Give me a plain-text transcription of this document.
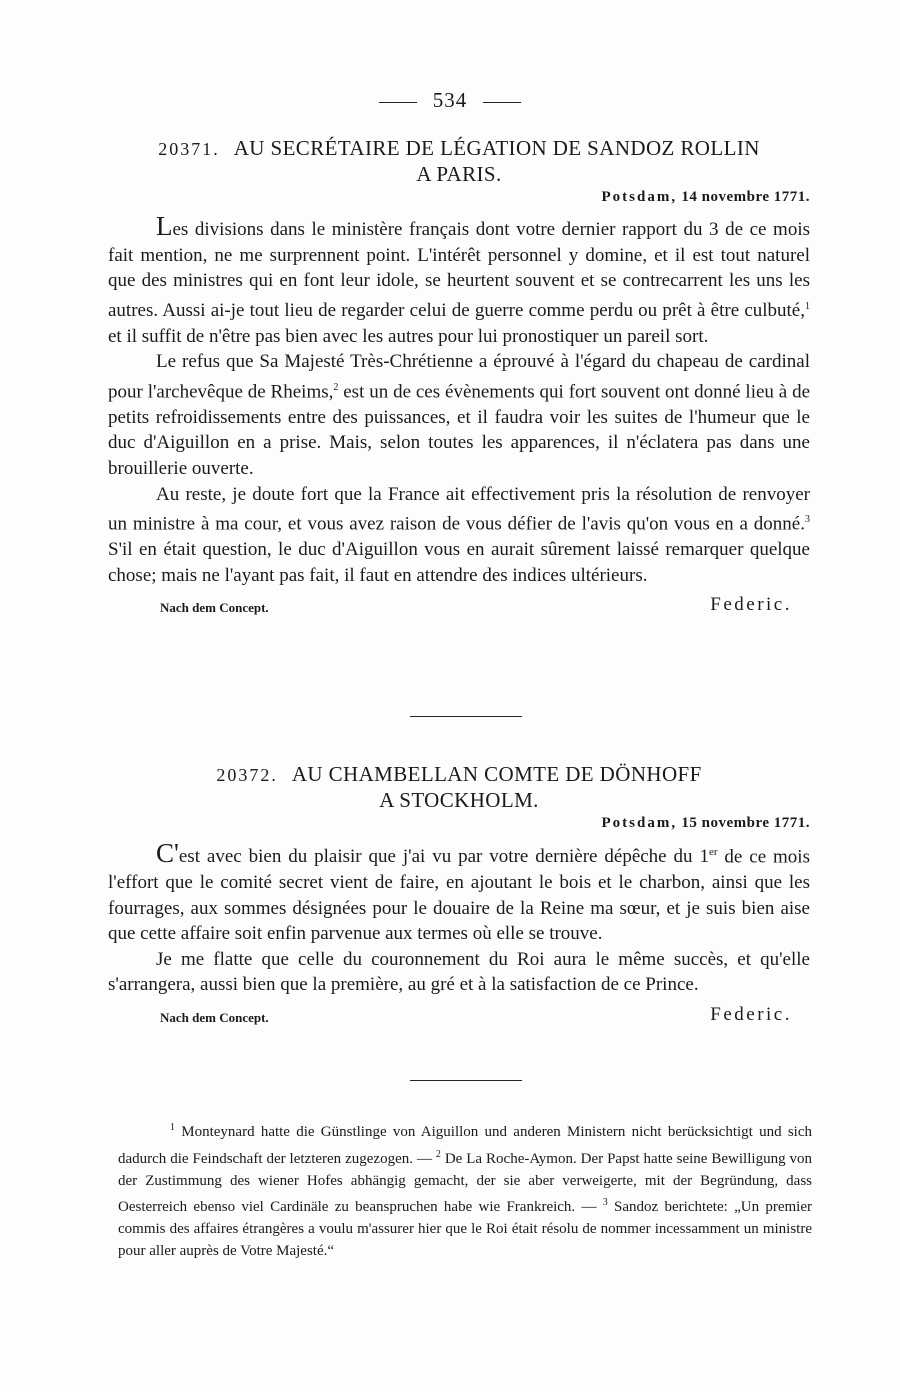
534
20371. AU SECRÉTAIRE DE LÉGATION DE SANDOZ ROLLIN
A PARIS.
Potsdam, 14 novembre 1771.

Les divisions dans le ministère français dont votre dernier rapport du 3 de ce mois fait mention, ne me surprennent point. L'intérêt personnel y domine, et il est tout naturel que des ministres qui en font leur idole, se heurtent souvent et se contrecarrent les uns les autres. Aussi ai-je tout lieu de regarder celui de guerre comme perdu ou prêt à être culbuté,$^1$ et il suffit de n'être pas bien avec les autres pour lui pronostiquer un pareil sort.

Le refus que Sa Majesté Très-Chrétienne a éprouvé à l'égard du chapeau de cardinal pour l'archevêque de Rheims,$^2$ est un de ces évènements qui fort souvent ont donné lieu à de petits refroidissements entre des puissances, et il faudra voir les suites de l'humeur que le duc d'Aiguillon en a prise. Mais, selon toutes les apparences, il n'éclatera pas dans une brouillerie ouverte.

Au reste, je doute fort que la France ait effectivement pris la résolution de renvoyer un ministre à ma cour, et vous avez raison de vous défier de l'avis qu'on vous en a donné.$^3$ S'il en était question, le duc d'Aiguillon vous en aurait sûrement laissé remarquer quelque chose; mais ne l'ayant pas fait, il faut en attendre des indices ultérieurs.

Nach dem Concept.	Federic.
20372. AU CHAMBELLAN COMTE DE DÖNHOFF
A STOCKHOLM.
Potsdam, 15 novembre 1771.

C'est avec bien du plaisir que j'ai vu par votre dernière dépêche du 1er de ce mois l'effort que le comité secret vient de faire, en ajoutant le bois et le charbon, ainsi que les fourrages, aux sommes désignées pour le douaire de la Reine ma sœur, et je suis bien aise que cette affaire soit enfin parvenue aux termes où elle se trouve.

Je me flatte que celle du couronnement du Roi aura le même succès, et qu'elle s'arrangera, aussi bien que la première, au gré et à la satisfaction de ce Prince.

Nach dem Concept.	Federic.

$^1$ Monteynard hatte die Günstlinge von Aiguillon und anderen Ministern nicht berücksichtigt und sich dadurch die Feindschaft der letzteren zugezogen. — $^2$ De La Roche-Aymon. Der Papst hatte seine Bewilligung von der Zustimmung des wiener Hofes abhängig gemacht, der sie aber verweigerte, mit der Begründung, dass Oesterreich ebenso viel Cardinäle zu beanspruchen habe wie Frankreich. — $^3$ Sandoz berichtete: „Un premier commis des affaires étrangères a voulu m'assurer hier que le Roi était résolu de nommer incessamment un ministre pour aller auprès de Votre Majesté.“
